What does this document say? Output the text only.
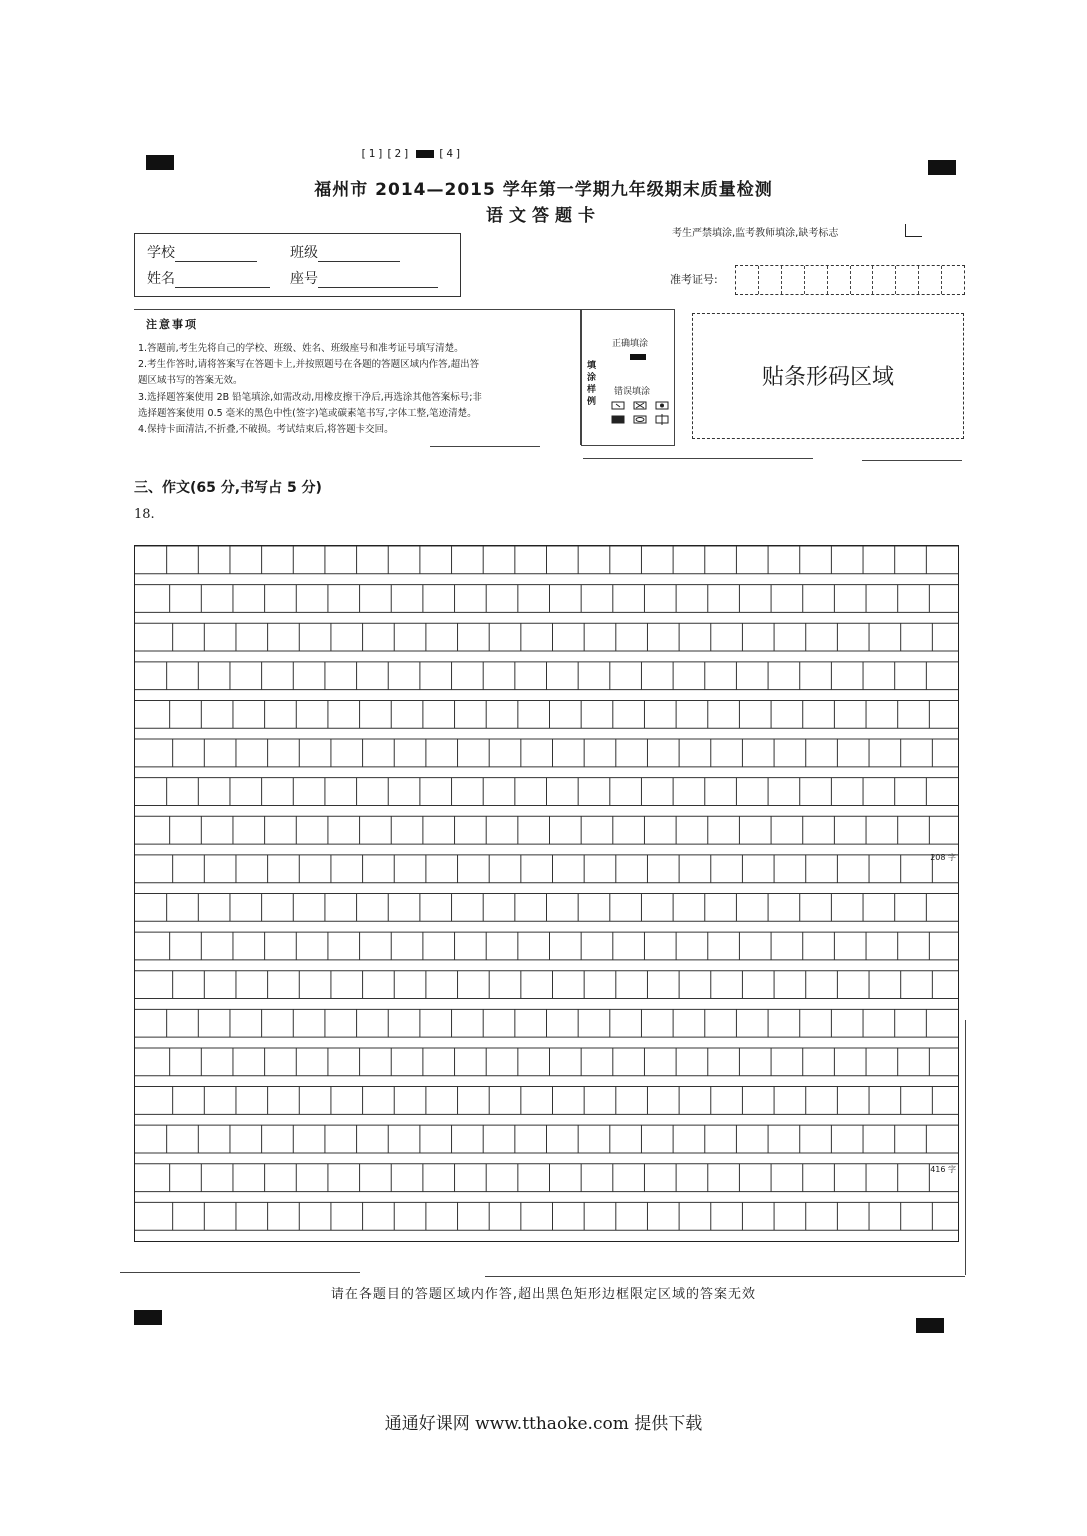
[1][2] [4]
福州市 2014—2015 学年第一学期九年级期末质量检测
语文答题卡
考生严禁填涂,监考教师填涂,缺考标志
学校	班级
姓名	座号	准考证号:
注意事项
1.答题前,考生先将自己的学校、班级、姓名、班级座号和准考证号填写清楚。
2.考生作答时,请将答案写在答题卡上,并按照题号在各题的答题区域内作答,超出答
题区域书写的答案无效。
3.选择题答案使用 2B 铅笔填涂,如需改动,用橡皮擦干净后,再选涂其他答案标号;非
选择题答案使用 0.5 毫米的黑色中性(签字)笔或碳素笔书写,字体工整,笔迹清楚。
4.保持卡面清洁,不折叠,不破损。考试结束后,将答题卡交回。
填涂样例
正确填涂
错误填涂
贴条形码区域
三、作文(65 分,书写占 5 分)
18.
208 字
416 字
请在各题目的答题区域内作答,超出黑色矩形边框限定区域的答案无效
通通好课网 www.tthaoke.com 提供下载
